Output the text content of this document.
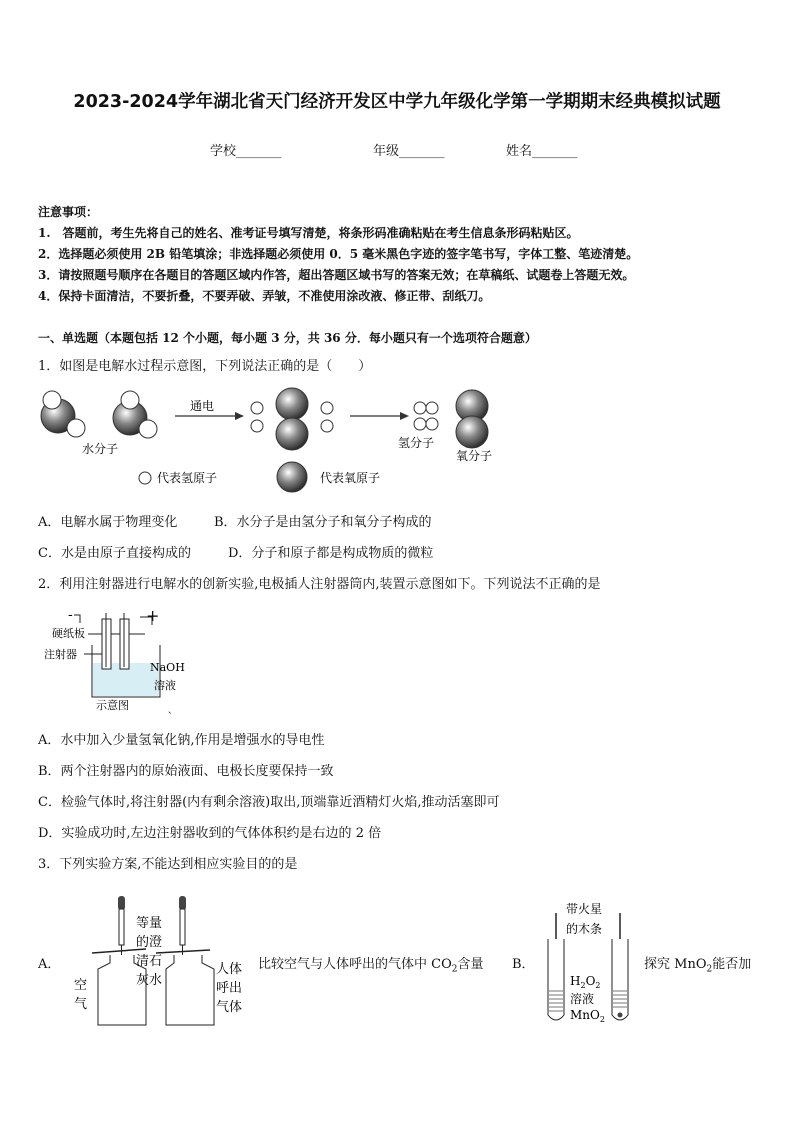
2023-2024学年湖北省天门经济开发区中学九年级化学第一学期期末经典模拟试题
学校_______	年级_______	姓名_______
注意事项：
1.　答题前，考生先将自己的姓名、准考证号填写清楚，将条形码准确粘贴在考生信息条形码粘贴区。
2．选择题必须使用 2B 铅笔填涂；非选择题必须使用 0．5 毫米黑色字迹的签字笔书写，字体工整、笔迹清楚。
3．请按照题号顺序在各题目的答题区域内作答，超出答题区域书写的答案无效；在草稿纸、试题卷上答题无效。
4．保持卡面清洁，不要折叠，不要弄破、弄皱，不准使用涂改液、修正带、刮纸刀。
一、单选题（本题包括 12 个小题，每小题 3 分，共 36 分．每小题只有一个选项符合题意）
1．如图是电解水过程示意图，下列说法正确的是（　　）
水分子
通电
氢分子
氧分子
代表氢原子	代表氧原子
A．电解水属于物理变化	B．水分子是由氢分子和氧分子构成的
C．水是由原子直接构成的	D．分子和原子都是构成物质的微粒
2．利用注射器进行电解水的创新实验,电极插人注射器筒内,装置示意图如下。下列说法不正确的是
-	+
硬纸板
注射器
NaOH
溶液
示意图	、
A．水中加入少量氢氧化钠,作用是增强水的导电性
B．两个注射器内的原始液面、电极长度要保持一致
C．检验气体时,将注射器(内有剩余溶液)取出,顶端靠近酒精灯火焰,推动活塞即可
D．实验成功时,左边注射器收到的气体体积约是右边的 2 倍
3．下列实验方案,不能达到相应实验目的的是
A．
等量
的澄
清石
灰水
空
气
人体
呼出
气体
比较空气与人体呼出的气体中 $CO_2$含量 B．
带火星
的木条
$H_2O_2$
溶液
MnO$_2$
探究 MnO$_2$能否加
